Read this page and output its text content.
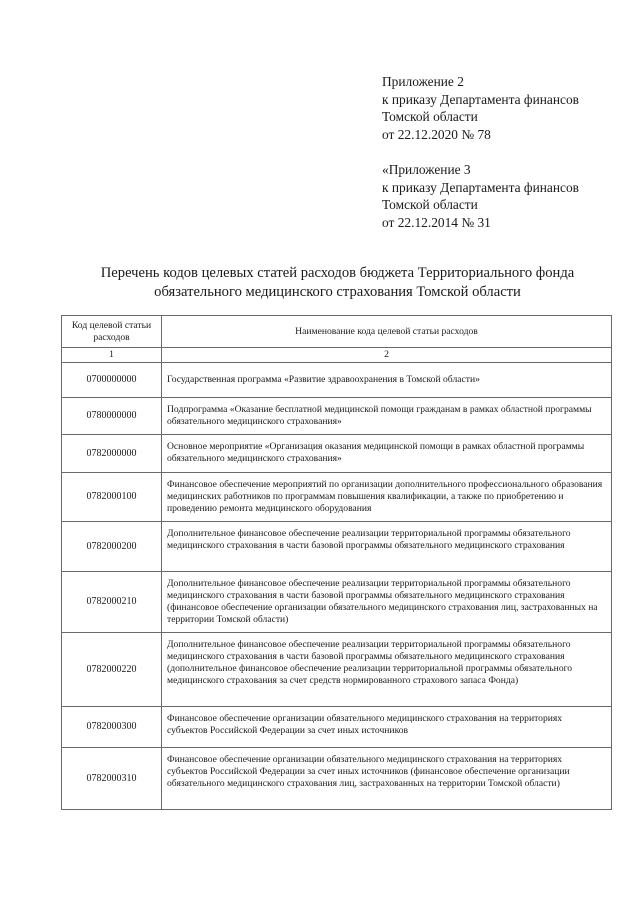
Приложение 2
к приказу Департамента финансов
Томской области
от 22.12.2020 № 78
«Приложение 3
к приказу Департамента финансов
Томской области
от 22.12.2014 № 31
Перечень кодов целевых статей расходов бюджета Территориального фонда
обязательного медицинского страхования Томской области
Код целевой статьи расходов	Наименование кода целевой статьи расходов
1	2
0700000000	Государственная программа «Развитие здравоохранения в Томской области»
0780000000	Подпрограмма «Оказание бесплатной медицинской помощи гражданам в рамках областной программы обязательного медицинского страхования»
0782000000	Основное мероприятие «Организация оказания медицинской помощи в рамках областной программы обязательного медицинского страхования»
0782000100	Финансовое обеспечение мероприятий по организации дополнительного профессионального образования медицинских работников по программам повышения квалификации, а также по приобретению и проведению ремонта медицинского оборудования
0782000200	Дополнительное финансовое обеспечение реализации территориальной программы обязательного медицинского страхования в части базовой программы обязательного медицинского страхования
0782000210	Дополнительное финансовое обеспечение реализации территориальной программы обязательного медицинского страхования в части базовой программы обязательного медицинского страхования (финансовое обеспечение организации обязательного медицинского страхования лиц, застрахованных на территории Томской области)
0782000220	Дополнительное финансовое обеспечение реализации территориальной программы обязательного медицинского страхования в части базовой программы обязательного медицинского страхования (дополнительное финансовое обеспечение реализации территориальной программы обязательного медицинского страхования за счет средств нормированного страхового запаса Фонда)
0782000300	Финансовое обеспечение организации обязательного медицинского страхования на территориях субъектов Российской Федерации за счет иных источников
0782000310	Финансовое обеспечение организации обязательного медицинского страхования на территориях субъектов Российской Федерации за счет иных источников (финансовое обеспечение организации обязательного медицинского страхования лиц, застрахованных на территории Томской области)
